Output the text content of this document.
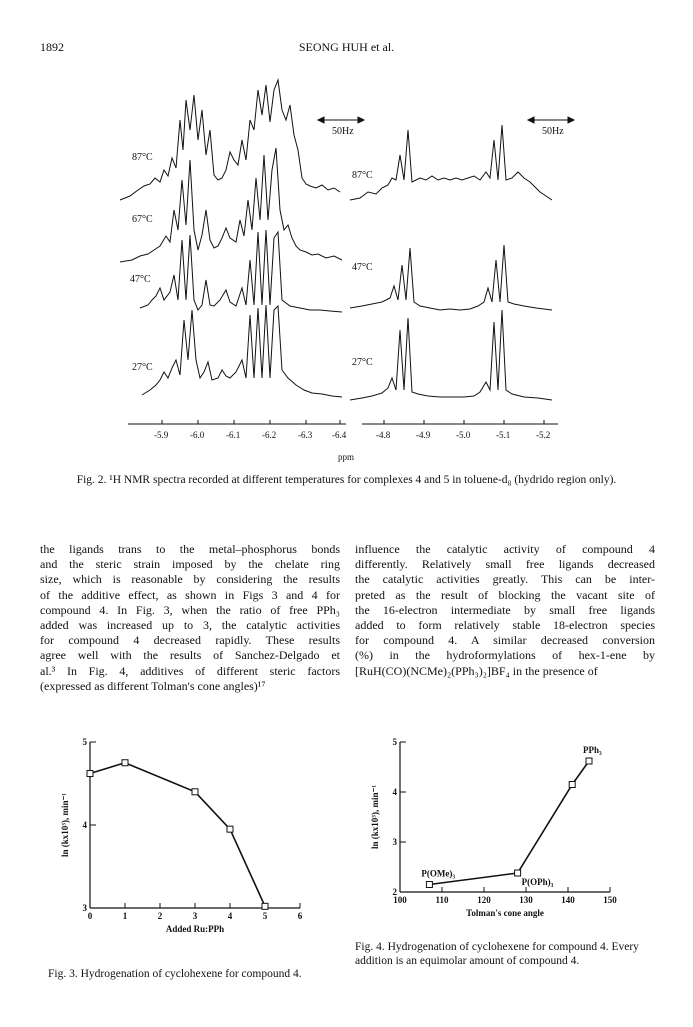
1892	SEONG HUH et al.
50Hz	50Hz
87°C
67°C
47°C
27°C
87°C
47°C
27°C
-5.9 -6.0 -6.1 -6.2 -6.3 -6.4	-4.8	-4.9	-5.0	-5.1	-5.2
ppm
Fig. 2. ¹H NMR spectra recorded at different temperatures for complexes 4 and 5 in toluene-d₈ (hydrido region only).
the ligands trans to the metal–phosphorus bonds
and the steric strain imposed by the chelate ring
size, which is reasonable by considering the results
of the additive effect, as shown in Figs 3 and 4 for
compound 4. In Fig. 3, when the ratio of free PPh₃
added was increased up to 3, the catalytic activities
for compound 4 decreased rapidly. These results
agree well with the results of Sanchez-Delgado et
al.³ In Fig. 4, additives of different steric factors
(expressed as different Tolman's cone angles)¹⁷
influence the catalytic activity of compound 4
differently. Relatively small free ligands decreased
the catalytic activities greatly. This can be inter-
preted as the result of blocking the vacant site of
the 16-electron intermediate by small free ligands
added to form relatively stable 18-electron species
for compound 4. A similar decreased conversion
(%) in the hydroformylations of hex-1-ene by
[RuH(CO)(NCMe)₂(PPh₃)₂]BF₄ in the presence of
0	1	2	3	4	5	6
3
4
5
Added Ru:PPh
ln (kx10³), min⁻¹
100	110	120	130	140	150
2
3
4
5
Tolman's cone angle
ln (kx10³), min⁻¹
P(OMe)₃
P(OPh)₃
PPh₃
Fig. 3. Hydrogenation of cyclohexene for compound 4.
Fig. 4. Hydrogenation of cyclohexene for compound 4. Every addition is an equimolar amount of compound 4.
